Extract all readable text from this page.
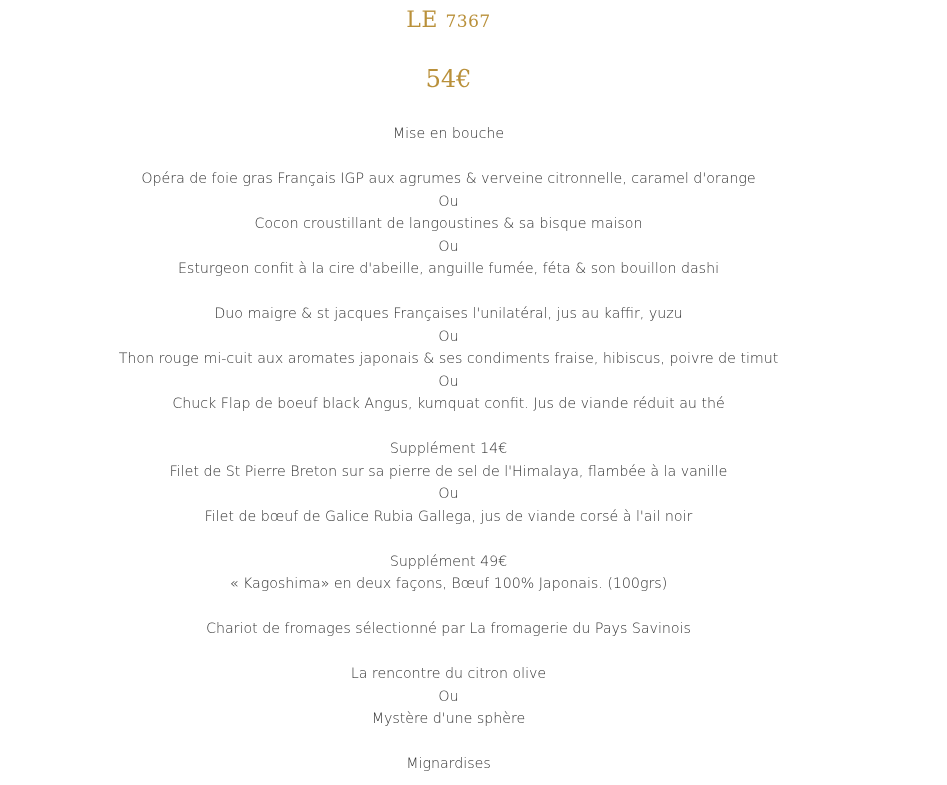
LE 7367
54€
Mise en bouche
Opéra de foie gras Français IGP aux agrumes & verveine citronnelle, caramel d'orange
Ou
Cocon croustillant de langoustines & sa bisque maison
Ou
Esturgeon confit à la cire d'abeille, anguille fumée, féta & son bouillon dashi
Duo maigre & st jacques Françaises l'unilatéral, jus au kaffir, yuzu
Ou
Thon rouge mi-cuit aux aromates japonais & ses condiments fraise, hibiscus, poivre de timut
Ou
Chuck Flap de boeuf black Angus, kumquat confit. Jus de viande réduit au thé
Supplément 14€
Filet de St Pierre Breton sur sa pierre de sel de l'Himalaya, flambée à la vanille
Ou
Filet de bœuf de Galice Rubia Gallega, jus de viande corsé à l'ail noir
Supplément 49€
« Kagoshima» en deux façons, Bœuf 100% Japonais. (100grs)
Chariot de fromages sélectionné par La fromagerie du Pays Savinois
La rencontre du citron olive
Ou
Mystère d'une sphère
Mignardises
